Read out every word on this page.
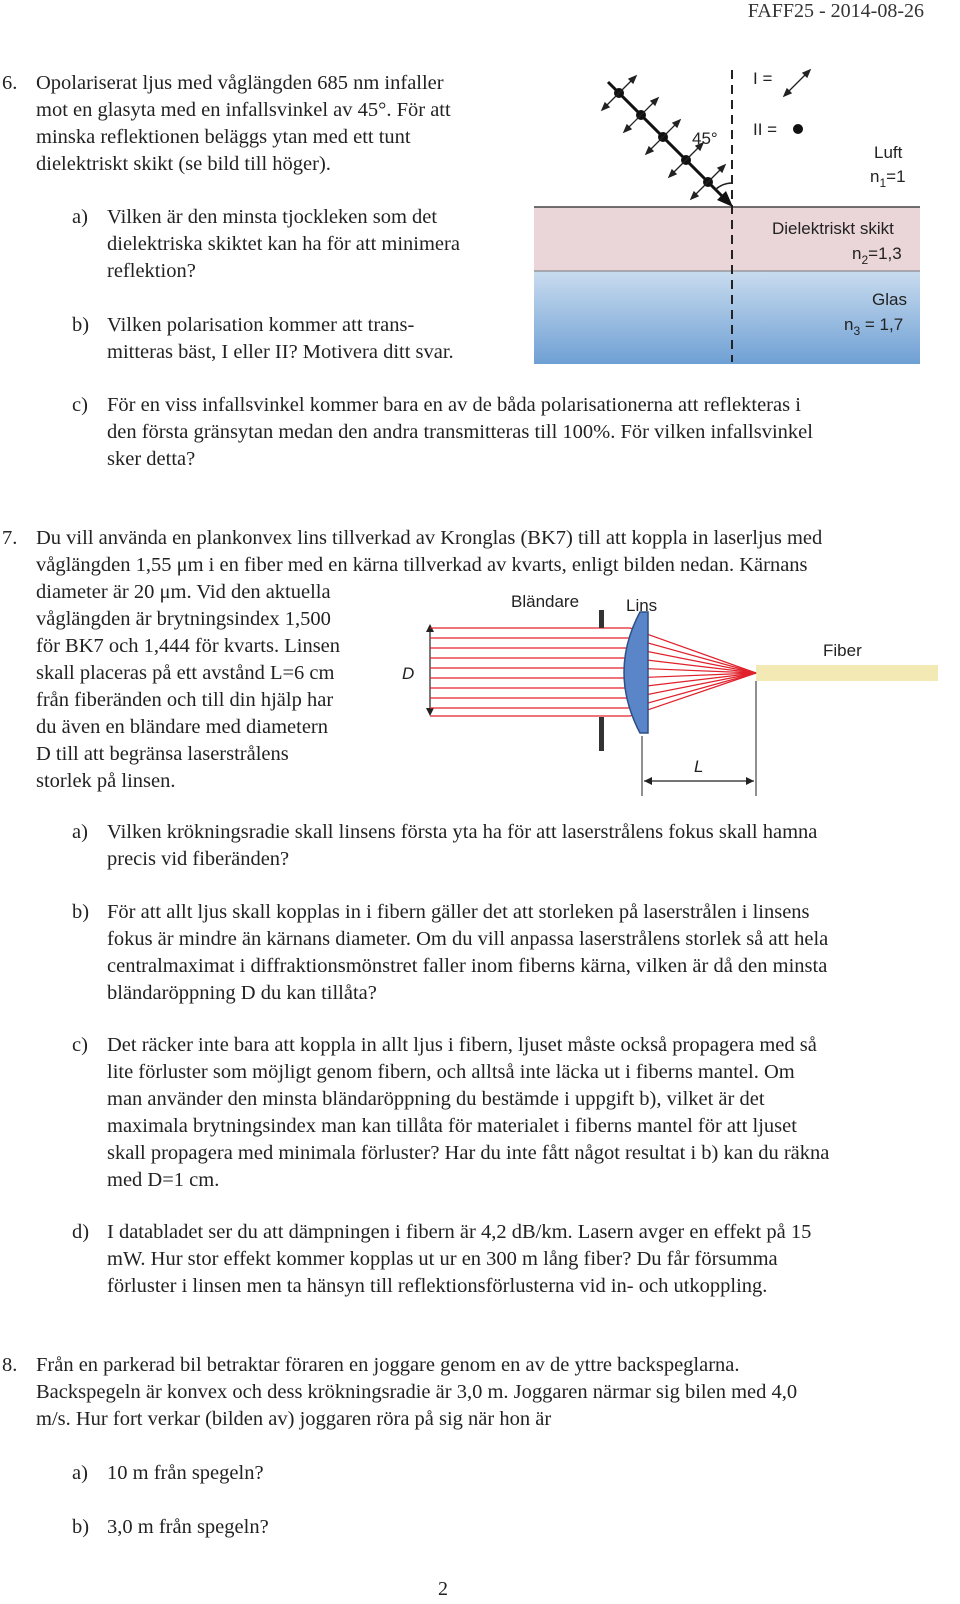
FAFF25 - 2014-08-26
6. Opolariserat ljus med våglängden 685 nm infaller
mot en glasyta med en infallsvinkel av 45°. För att
minska reflektionen beläggs ytan med ett tunt
dielektriskt skikt (se bild till höger).
a) Vilken är den minsta tjockleken som det
dielektriska skiktet kan ha för att minimera
reflektion?
b) Vilken polarisation kommer att trans-
mitteras bäst, I eller II? Motivera ditt svar.
45°
I =
II =
Luft
$n_1=1$
Dielektriskt skikt
$n_2=1,3$
Glas
$n_3 = 1,7$
c) För en viss infallsvinkel kommer bara en av de båda polarisationerna att reflekteras i
den första gränsytan medan den andra transmitteras till 100%. För vilken infallsvinkel
sker detta?
7. Du vill använda en plankonvex lins tillverkad av Kronglas (BK7) till att koppla in laserljus med
våglängden 1,55 μm i en fiber med en kärna tillverkad av kvarts, enligt bilden nedan. Kärnans
diameter är 20 μm. Vid den aktuella
våglängden är brytningsindex 1,500
för BK7 och 1,444 för kvarts. Linsen
skall placeras på ett avstånd L=6 cm
från fiberänden och till din hjälp har
du även en bländare med diametern
D till att begränsa laserstrålens
storlek på linsen.
Bländare	Lins
Fiber
D
L
a) Vilken krökningsradie skall linsens första yta ha för att laserstrålens fokus skall hamna
precis vid fiberänden?
b) För att allt ljus skall kopplas in i fibern gäller det att storleken på laserstrålen i linsens
fokus är mindre än kärnans diameter. Om du vill anpassa laserstrålens storlek så att hela
centralmaximat i diffraktionsmönstret faller inom fiberns kärna, vilken är då den minsta
bländaröppning D du kan tillåta?
c) Det räcker inte bara att koppla in allt ljus i fibern, ljuset måste också propagera med så
lite förluster som möjligt genom fibern, och alltså inte läcka ut i fiberns mantel. Om
man använder den minsta bländaröppning du bestämde i uppgift b), vilket är det
maximala brytningsindex man kan tillåta för materialet i fiberns mantel för att ljuset
skall propagera med minimala förluster? Har du inte fått något resultat i b) kan du räkna
med D=1 cm.
d) I databladet ser du att dämpningen i fibern är 4,2 dB/km. Lasern avger en effekt på 15
mW. Hur stor effekt kommer kopplas ut ur en 300 m lång fiber? Du får försumma
förluster i linsen men ta hänsyn till reflektionsförlusterna vid in- och utkoppling.
8. Från en parkerad bil betraktar föraren en joggare genom en av de yttre backspeglarna.
Backspegeln är konvex och dess krökningsradie är 3,0 m. Joggaren närmar sig bilen med 4,0
m/s. Hur fort verkar (bilden av) joggaren röra på sig när hon är
a) 10 m från spegeln?
b) 3,0 m från spegeln?
2
